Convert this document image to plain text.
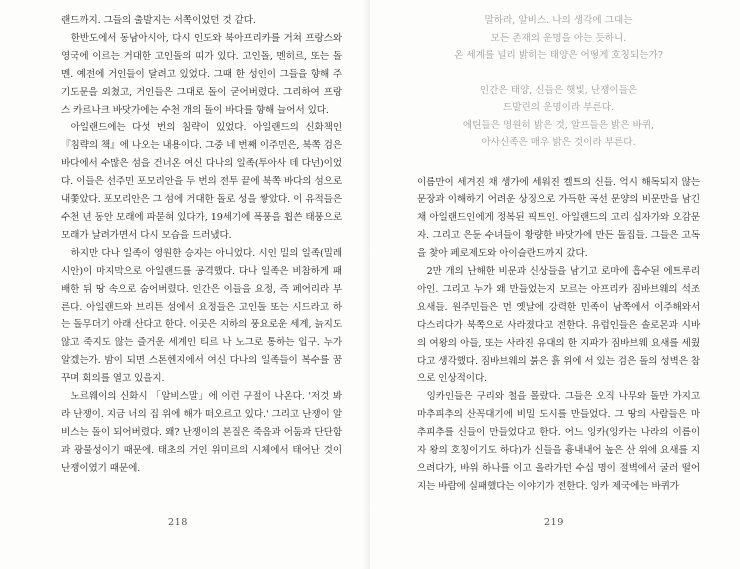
랜드까지. 그들의 출발지는 서쪽이었던 것 같다.

한반도에서 동남아시아, 다시 인도와 북아프리카를 거쳐 프랑스와 영국에 이르는 거대한 고인돌의 띠가 있다. 고인돌, 멘히르, 또는 돌멘. 예전에 거인들이 달려고 있었다. 그때 한 성인이 그들을 향해 주기도문을 외쳤고, 거인들은 그대로 돌이 굳어버렸다. 그리하여 프랑스 카르나크 바닷가에는 수천 개의 돌이 바다를 향해 늘어서 있다.

아일랜드에는 다섯 번의 침략이 있었다. 아일랜드의 신화책인 『침략의 책』에 나오는 내용이다. 그중 네 번째 이주민은, 북쪽 검은 바다에서 수많은 섬을 건너온 여신 다나의 일족(투아사 데 다넌)이었다. 이들은 선주민 포모리안을 두 번의 전투 끝에 북쪽 바다의 섬으로 내쫓았다. 포모리안은 그 섬에 거대한 돌로 성을 쌓았다. 이 유적들은 수천 년 동안 모래에 파묻혀 있다가, 19세기에 폭풍을 휩쓴 태풍으로 모래가 날려가면서 다시 모습을 드러냈다.

하지만 다나 일족이 영원한 승자는 아니었다. 시인 밀의 일족(밀레시안)이 마지막으로 아일랜드를 공격했다. 다나 일족은 비참하게 패배한 뒤 땅 속으로 숨어버렸다. 인간은 이들을 요정, 즉 페어리라 부른다. 아일랜드와 브리튼 섬에서 요정들은 고인돌 또는 시드라고 하는 돌무더기 아래 산다고 한다. 이곳은 지하의 풍요로운 세계, 늙지도 않고 죽지도 않는 즐거운 세계인 티르 나 노그로 통하는 입구. 누가 알겠는가. 밤이 되면 스톤헨지에서 여신 다나의 일족들이 복수를 꿈꾸며 회의를 열고 있을지.

노르웨이의 신화시 「알비스말」에 이런 구절이 나온다. '저것 봐라 난쟁이. 지금 너의 집 위에 해가 떠오르고 있다.' 그리고 난쟁이 알비스는 돌이 되어버렸다. 왜? 난쟁이의 본질은 죽음과 어둠과 단단함과 광물성이기 때문에. 태초의 거인 위미르의 시체에서 태어난 것이 난쟁이였기 때문에.

218

말하라, 알비스. 나의 생각에 그대는

모든 존재의 운명을 아는 듯하니.

온 세계를 널리 밝히는 태양은 어떻게 호칭되는가?

인간은 태양, 신들은 햇빛, 난쟁이들은

드발린의 운명이라 부른다.

에틴들은 영원히 밝은 것, 알프들은 밝은 바퀴,

아사신족은 매우 밝은 것이라 부른다.

이름만이 세겨진 채 생가에 세워진 켈트의 신들. 억시 해독되지 않는 문장과 이해하기 어려운 상징으로 가득한 곡선 문양의 비문만을 남긴 채 아일랜드인에게 정복된 픽트인. 아일랜드의 고리 십자가와 오감문자. 그리고 은둔 수녀들이 황량한 바닷가에 만든 돌집들. 그들은 고독을 찾아 페로제도와 아이슬란드까지 갔다.

2만 개의 난해한 비문과 신상들을 남기고 로마에 흡수된 에트루리아인. 그리고 누가 왜 만들었는지 모르는 아프리카 짐바브웨의 석조요새들. 원주민들은 먼 옛날에 강력한 민족이 남쪽에서 이주해와서 다스리다가 북쪽으로 사라졌다고 전한다. 유럽인들은 솔로몬과 시바의 여왕의 아들, 또는 사라진 유대의 한 지파가 짐바브웨 요새를 세웠다고 생각했다. 짐바브웨의 붉은 흙 위에 서 있는 검은 돌의 성벽은 참으로 인상적이다.

잉카인들은 구리와 철을 몰랐다. 그들은 오직 나무와 돌만 가지고 마추피추의 산꼭대기에 비밀 도시를 만들었다. 그 땅의 사람들은 마추피추를 신들이 만들었다고 한다. 어느 잉카(잉카는 나라의 이름이자 왕의 호칭이기도 하다)가 신들을 흉내내어 높은 산 위에 요새를 지으려다가, 바위 하나를 이고 올라가던 수십 명이 절벽에서 굴러 떨어지는 바람에 실패했다는 이야기가 전한다. 잉카 제국에는 바퀴가

219
